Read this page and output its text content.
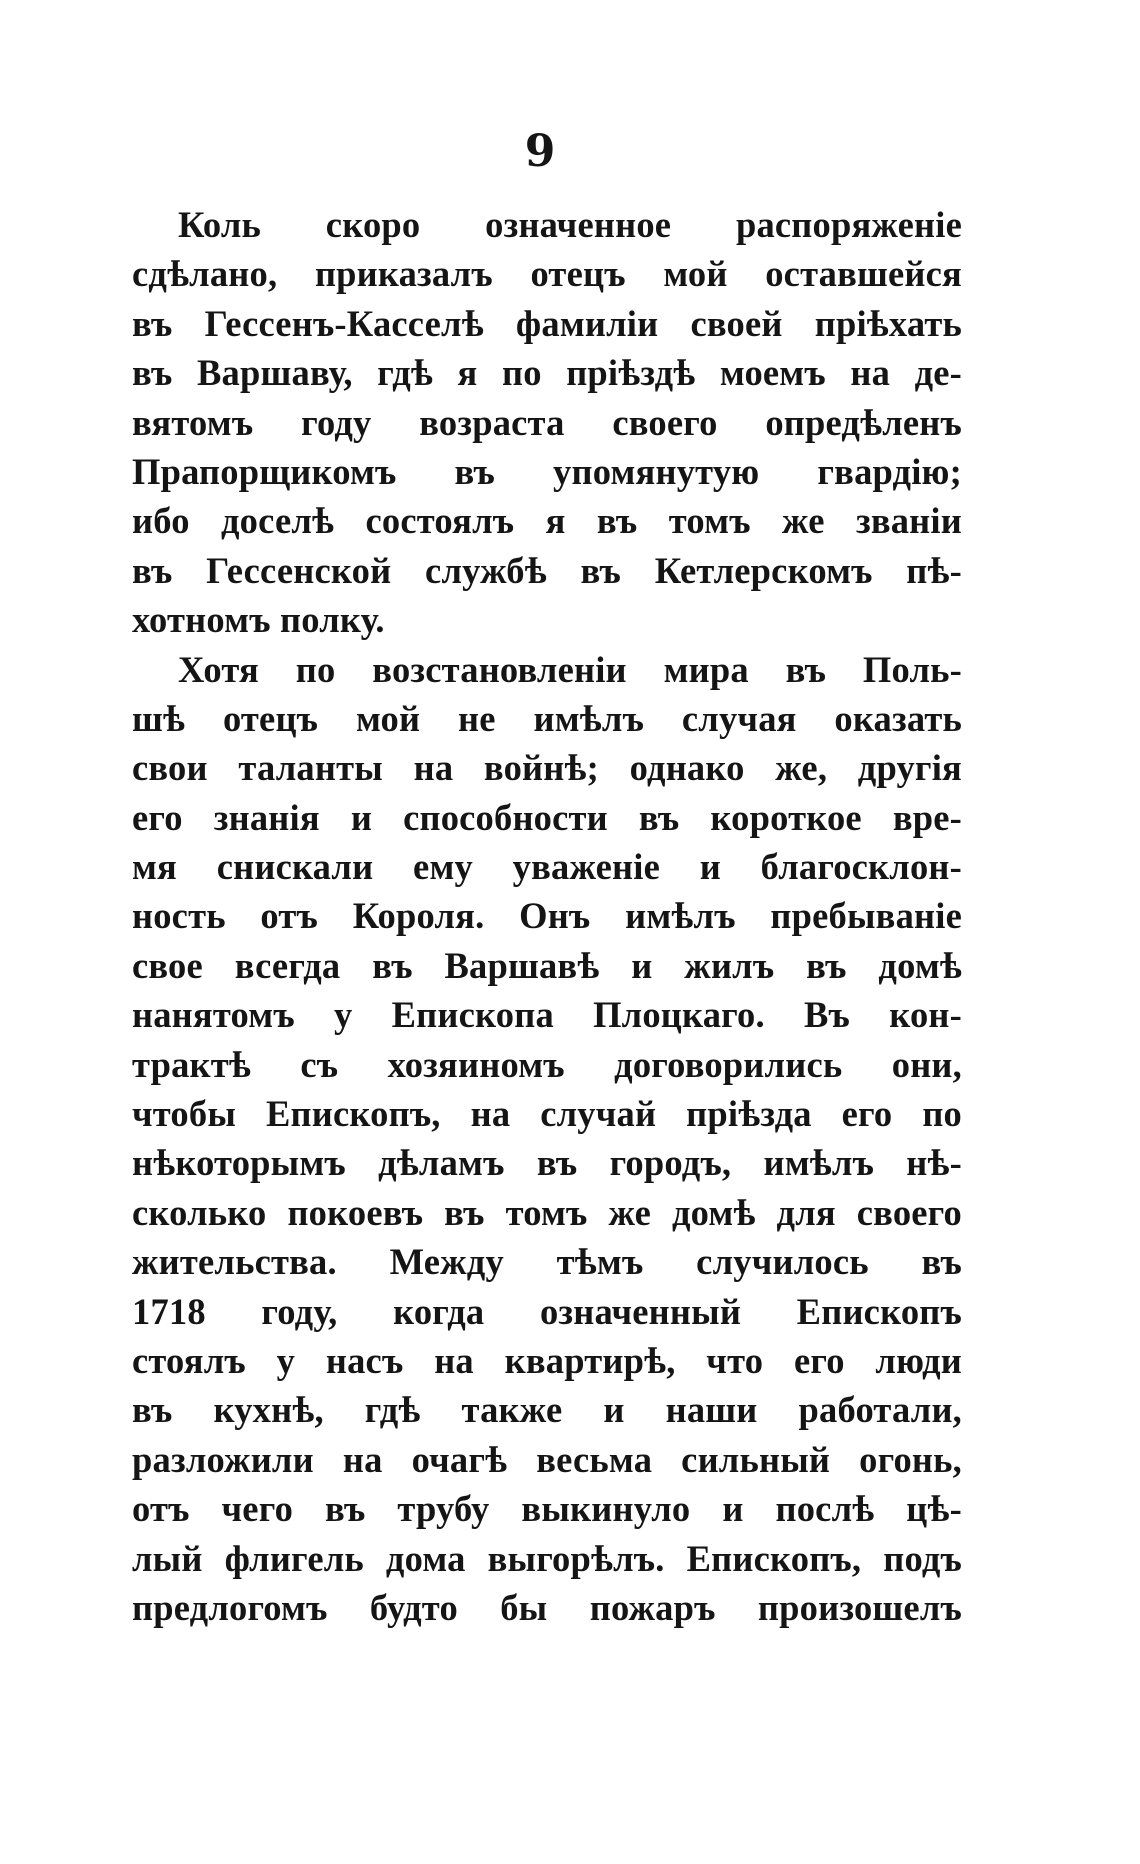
9
Коль скоро означенное распоряженіе
сдѣлано, приказалъ отецъ мой оставшейся
въ Гессенъ-Касселѣ фамиліи своей пріѣхать
въ Варшаву, гдѣ я по пріѣздѣ моемъ на де-
вятомъ году возраста своего опредѣленъ
Прапорщикомъ въ упомянутую гвардію;
ибо доселѣ состоялъ я въ томъ же званіи
въ Гессенской службѣ въ Кетлерскомъ пѣ-
хотномъ полку.
Хотя по возстановленіи мира въ Поль-
шѣ отецъ мой не имѣлъ случая оказать
свои таланты на войнѣ; однако же, другія
его знанія и способности въ короткое вре-
мя снискали ему уваженіе и благосклон-
ность отъ Короля. Онъ имѣлъ пребываніе
свое всегда въ Варшавѣ и жилъ въ домѣ
нанятомъ у Епископа Плоцкаго. Въ кон-
трактѣ съ хозяиномъ договорились они,
чтобы Епископъ, на случай пріѣзда его по
нѣкоторымъ дѣламъ въ городъ, имѣлъ нѣ-
сколько покоевъ въ томъ же домѣ для своего
жительства. Между тѣмъ случилось въ
1718 году, когда означенный Епископъ
стоялъ у насъ на квартирѣ, что его люди
въ кухнѣ, гдѣ также и наши работали,
разложили на очагѣ весьма сильный огонь,
отъ чего въ трубу выкинуло и послѣ цѣ-
лый флигель дома выгорѣлъ. Епископъ, подъ
предлогомъ будто бы пожаръ произошелъ
